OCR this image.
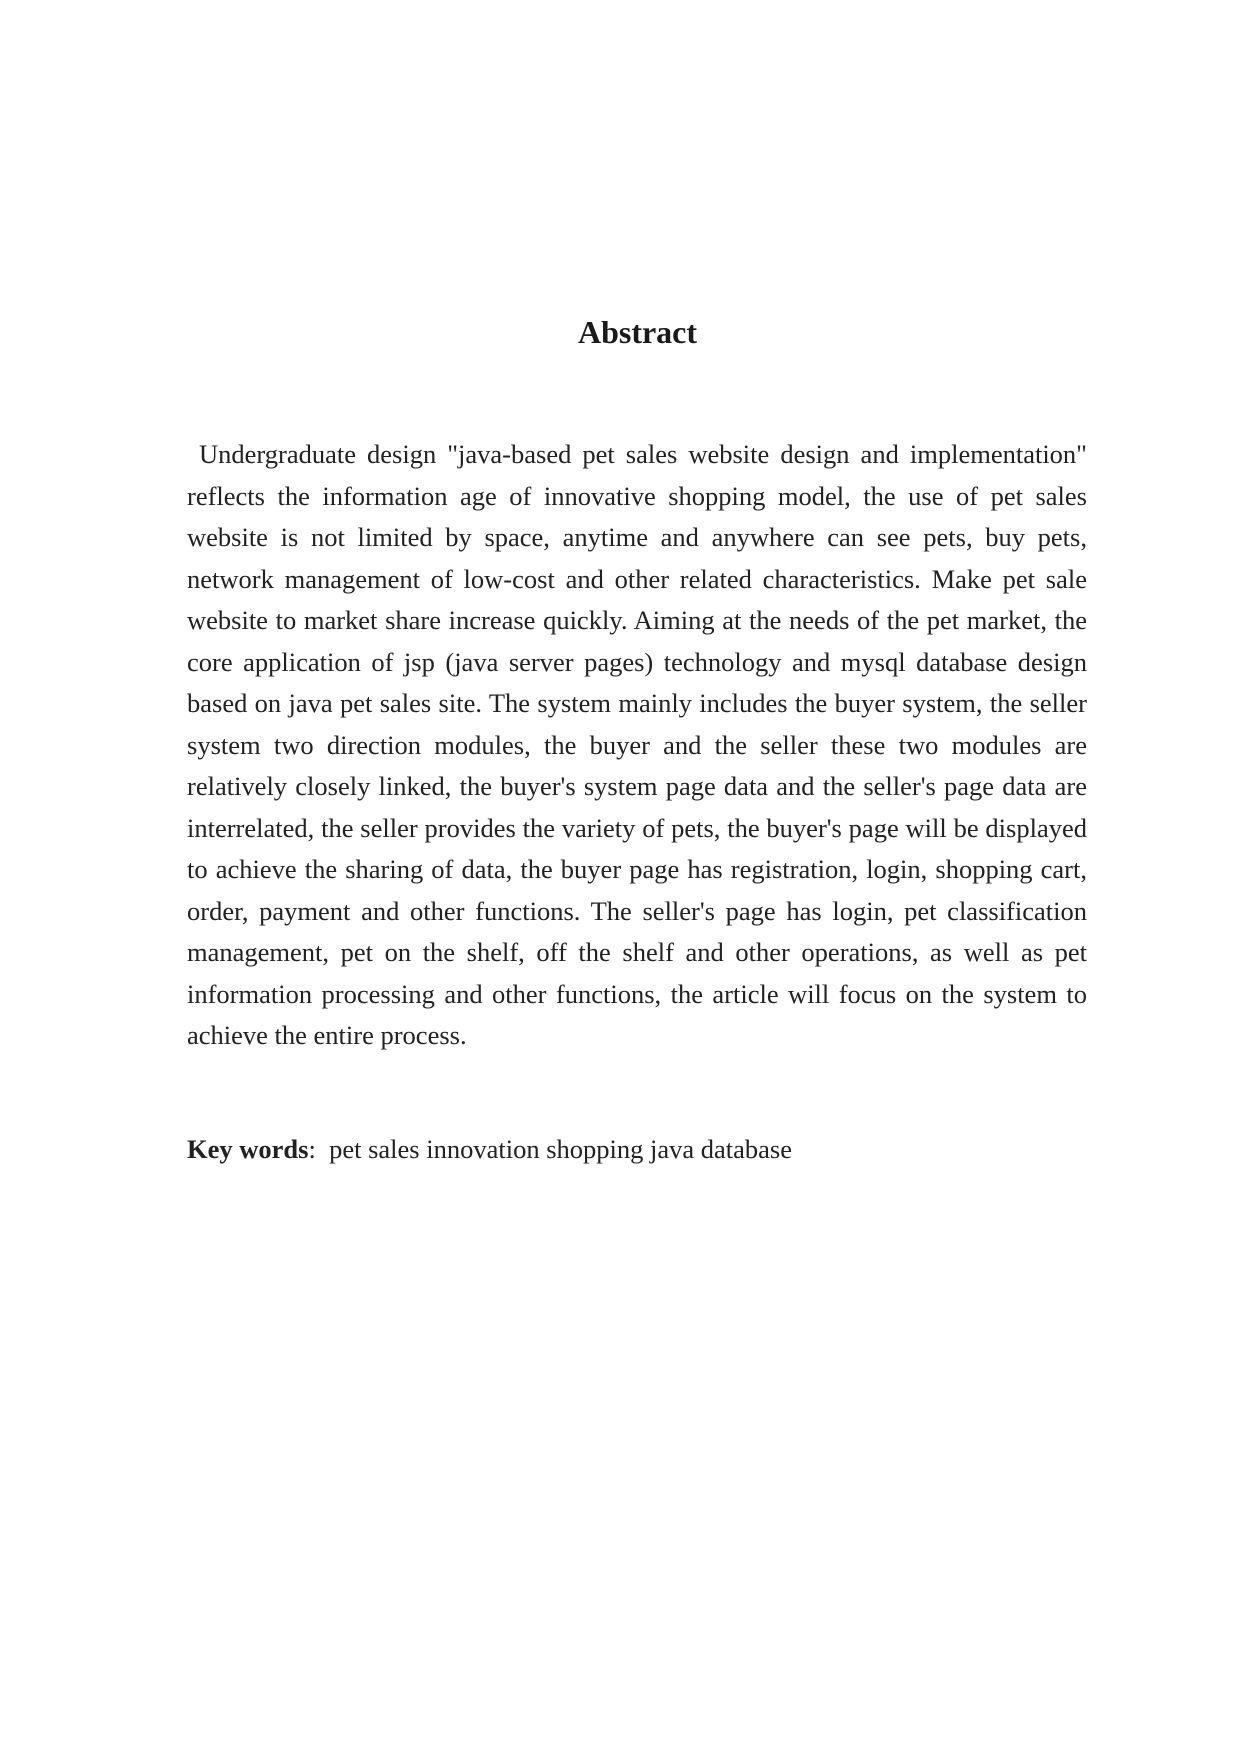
Abstract

Undergraduate design "java-based pet sales website design and implementation" reflects the information age of innovative shopping model, the use of pet sales website is not limited by space, anytime and anywhere can see pets, buy pets, network management of low-cost and other related characteristics. Make pet sale website to market share increase quickly. Aiming at the needs of the pet market, the core application of jsp (java server pages) technology and mysql database design based on java pet sales site. The system mainly includes the buyer system, the seller system two direction modules, the buyer and the seller these two modules are relatively closely linked, the buyer's system page data and the seller's page data are interrelated, the seller provides the variety of pets, the buyer's page will be displayed to achieve the sharing of data, the buyer page has registration, login, shopping cart, order, payment and other functions. The seller's page has login, pet classification management, pet on the shelf, off the shelf and other operations, as well as pet information processing and other functions, the article will focus on the system to achieve the entire process.

Key words: pet sales innovation shopping java database
